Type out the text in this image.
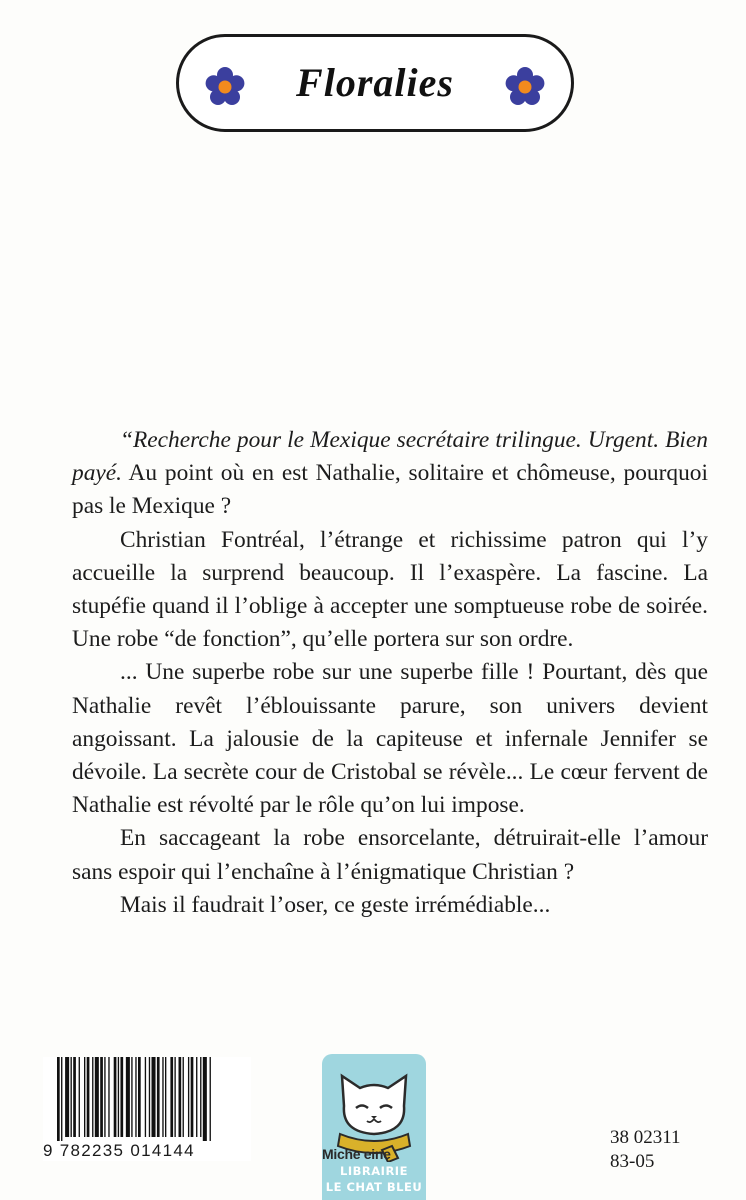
Floralies

“Recherche pour le Mexique secrétaire trilingue. Urgent. Bien payé. Au point où en est Nathalie, solitaire et chômeuse, pourquoi pas le Mexique ?

Christian Fontréal, l’étrange et richissime patron qui l’y accueille la surprend beaucoup. Il l’exaspère. La fascine. La stupéfie quand il l’oblige à accepter une somptueuse robe de soirée. Une robe “de fonction”, qu’elle portera sur son ordre.

... Une superbe robe sur une superbe fille ! Pourtant, dès que Nathalie revêt l’éblouissante parure, son univers devient angoissant. La jalousie de la capiteuse et infernale Jennifer se dévoile. La secrète cour de Cristobal se révèle... Le cœur fervent de Nathalie est révolté par le rôle qu’on lui impose.

En saccageant la robe ensorcelante, détruirait-elle l’amour sans espoir qui l’enchaîne à l’énigmatique Christian ?

Mais il faudrait l’oser, ce geste irrémédiable...

9 782235 014144
LIBRAIRIE
LE CHAT BLEU
Miche eine
38 02311
83-05
